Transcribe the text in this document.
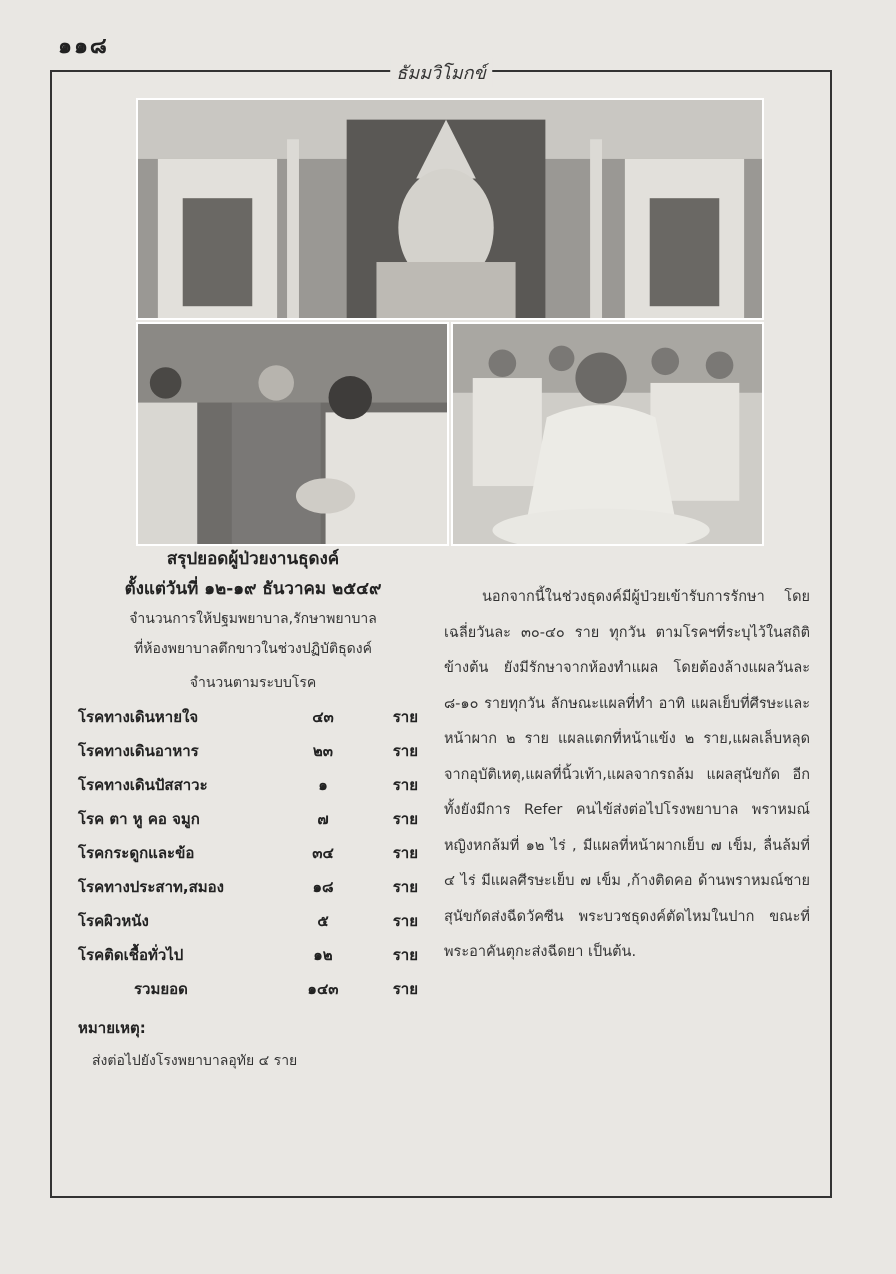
๑๑๘
ธัมมวิโมกข์
สรุปยอดผู้ป่วยงานธุดงค์
ตั้งแต่วันที่ ๑๒-๑๙ ธันวาคม ๒๕๔๙
จำนวนการให้ปฐมพยาบาล,รักษาพยาบาล
ที่ห้องพยาบาลตึกขาวในช่วงปฏิบัติธุดงค์
จำนวนตามระบบโรค
โรคทางเดินหายใจ	๔๓	ราย
โรคทางเดินอาหาร	๒๓	ราย
โรคทางเดินปัสสาวะ	๑	ราย
โรค ตา หู คอ จมูก	๗	ราย
โรคกระดูกและข้อ	๓๔	ราย
โรคทางประสาท,สมอง	๑๘	ราย
โรคผิวหนัง	๕	ราย
โรคติดเชื้อทั่วไป	๑๒	ราย
รวมยอด	๑๔๓	ราย
หมายเหตุ:
ส่งต่อไปยังโรงพยาบาลอุทัย ๔ ราย

นอกจากนี้ในช่วงธุดงค์มีผู้ป่วยเข้ารับการรักษา โดยเฉลี่ยวันละ ๓๐-๔๐ ราย ทุกวัน ตามโรคฯที่ระบุไว้ในสถิติข้างต้น ยังมีรักษาจากห้องทำแผล โดยต้องล้างแผลวันละ ๘-๑๐ รายทุกวัน ลักษณะแผลที่ทำ อาทิ แผลเย็บที่ศีรษะและหน้าผาก ๒ ราย แผลแตกที่หน้าแข้ง ๒ ราย,แผลเล็บหลุดจากอุบัติเหตุ,แผลที่นิ้วเท้า,แผลจากรถล้ม แผลสุนัขกัด อีกทั้งยังมีการ Refer คนไข้ส่งต่อไปโรงพยาบาล พราหมณ์หญิงหกล้มที่ ๑๒ ไร่ , มีแผลที่หน้าผากเย็บ ๗ เข็ม, ลื่นล้มที่ ๔ ไร่ มีแผลศีรษะเย็บ ๗ เข็ม ,ก้างติดคอ ด้านพราหมณ์ชายสุนัขกัดส่งฉีดวัคซีน พระบวชธุดงค์ตัดไหมในปาก ขณะที่พระอาคันตุกะส่งฉีดยา เป็นต้น.
